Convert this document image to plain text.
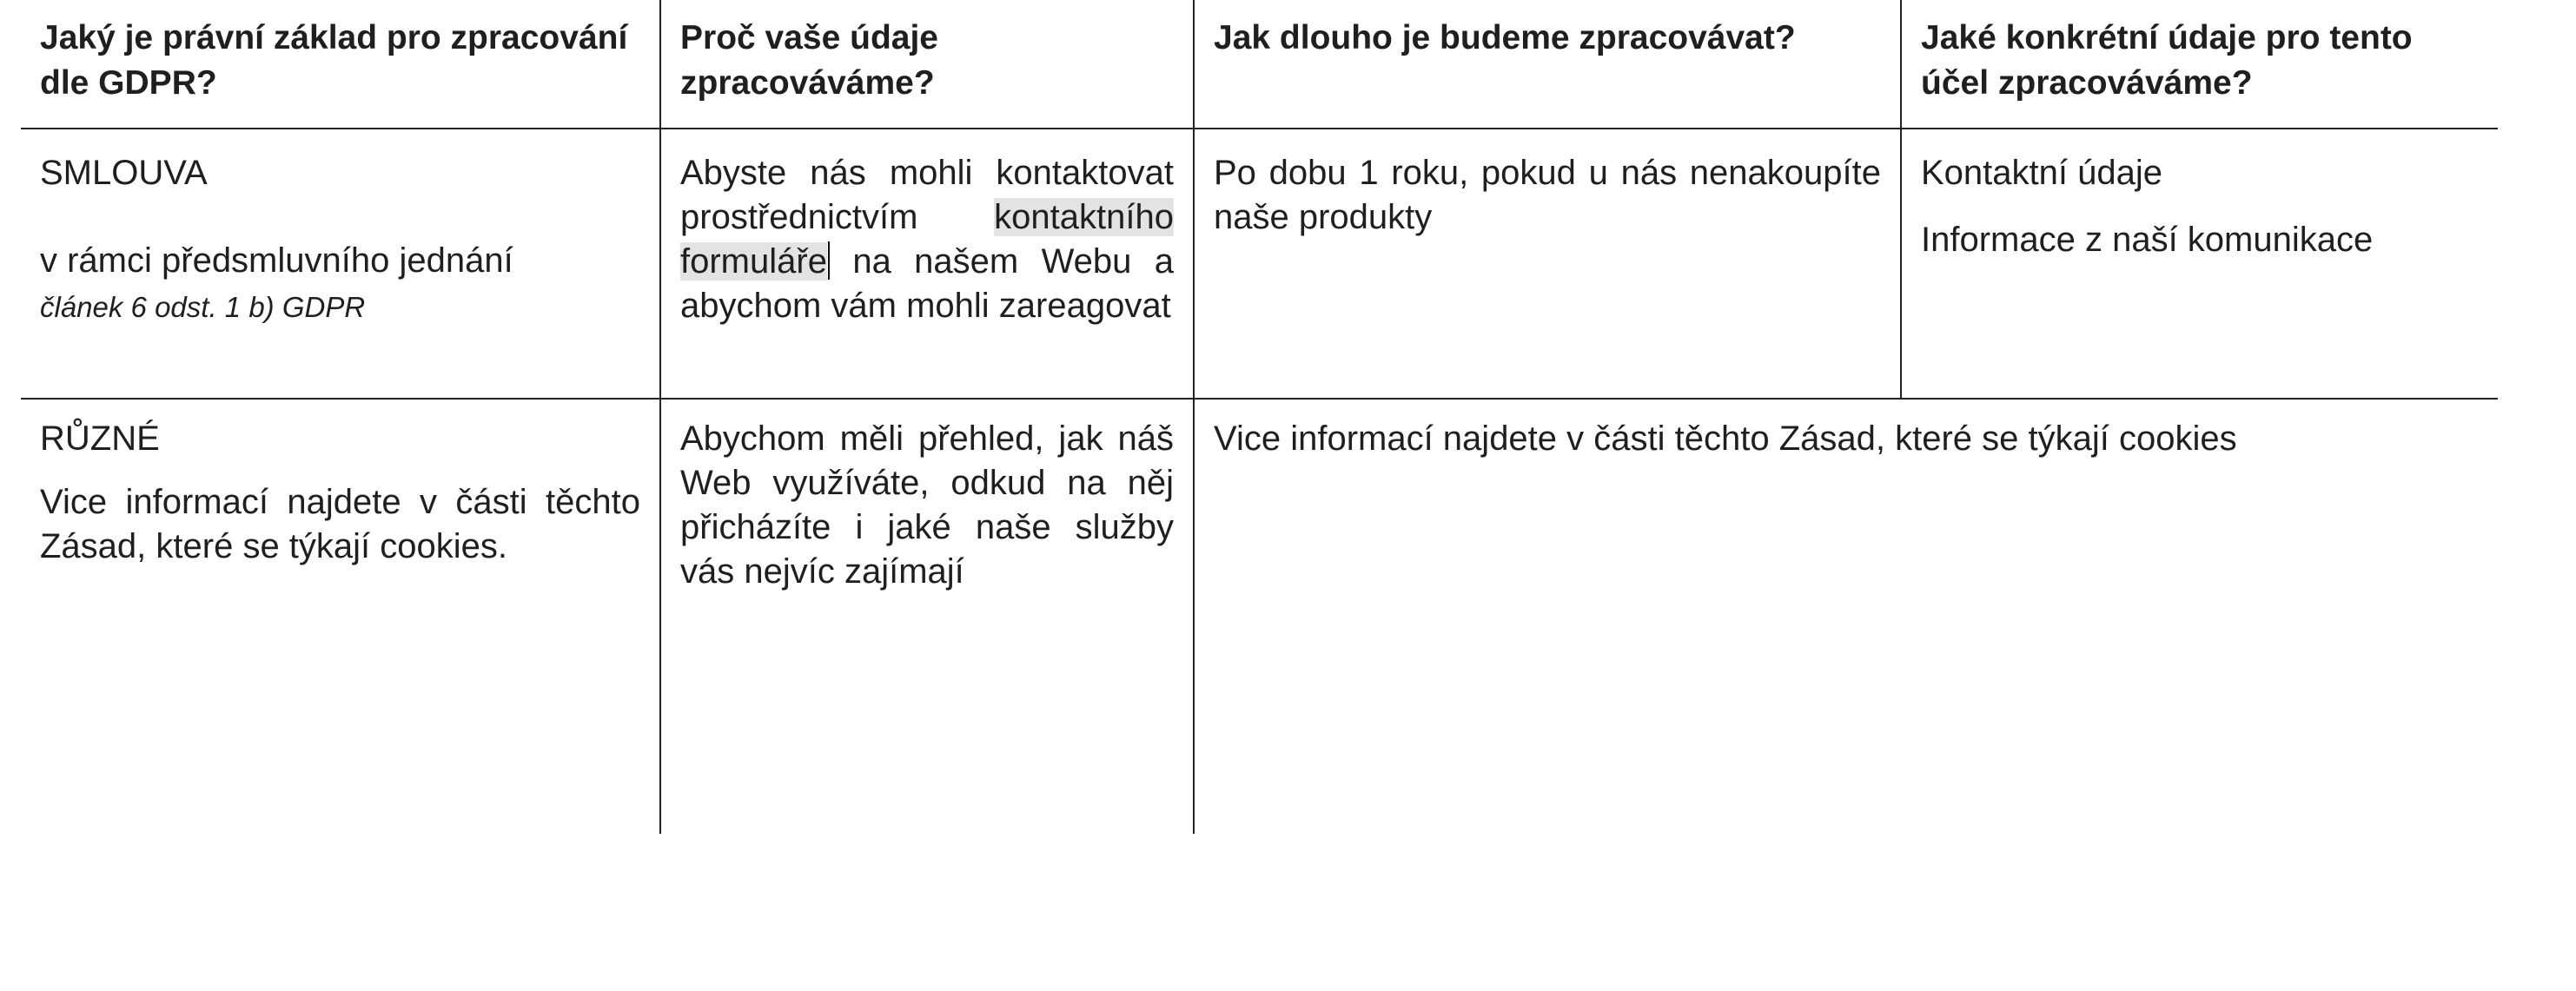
Jaký je právní základ pro zpracování dle GDPR?
Proč vaše údaje zpracováváme?
Jak dlouho je budeme zpracovávat?	Jaké konkrétní údaje pro tento účel zpracováváme?

SMLOUVA

v rámci předsmluvního jednání

článek 6 odst. 1 b) GDPR

Abyste nás mohli kontaktovat prostřednictvím kontaktního formuláře na našem Webu a abychom vám mohli zareagovat
Po dobu 1 roku, pokud u nás nenakoupíte naše produkty

Kontaktní údaje

Informace z naší komunikace

RŮZNÉ

Vice informací najdete v části těchto Zásad, které se týkají cookies.

Abychom měli přehled, jak náš Web využíváte, odkud na něj přicházíte i jaké naše služby vás nejvíc zajímají
Vice informací najdete v části těchto Zásad, které se týkají cookies
